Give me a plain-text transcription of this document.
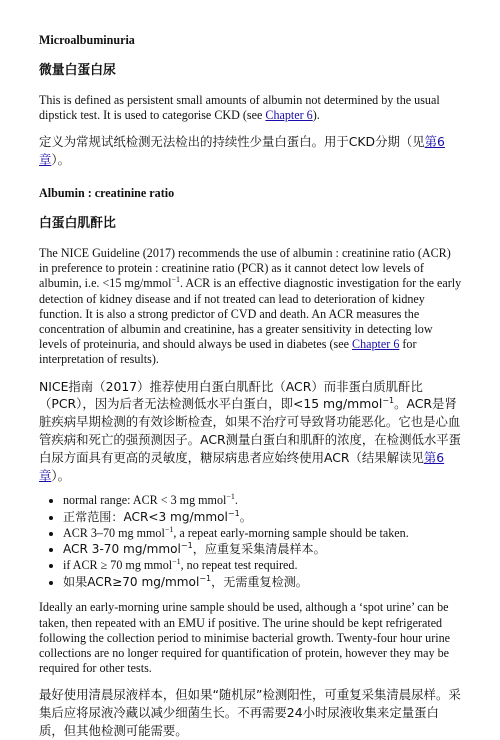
Microalbuminuria

微量白蛋白尿

This is defined as persistent small amounts of albumin not determined by the usual dipstick test. It is used to categorise CKD (see Chapter 6).

定义为常规试纸检测无法检出的持续性少量白蛋白。用于CKD分期（见第6章）。

Albumin : creatinine ratio

白蛋白肌酐比

The NICE Guideline (2017) recommends the use of albumin : creatinine ratio (ACR) in preference to protein : creatinine ratio (PCR) as it cannot detect low levels of albumin, i.e. <15 mg/mmol$^{-1}$. ACR is an effective diagnostic investigation for the early detection of kidney disease and if not treated can lead to deterioration of kidney function. It is also a strong predictor of CVD and death. An ACR measures the concentration of albumin and creatinine, has a greater sensitivity in detecting low levels of proteinuria, and should always be used in diabetes (see Chapter 6 for interpretation of results).

NICE指南（2017）推荐使用白蛋白肌酐比（ACR）而非蛋白质肌酐比（PCR），因为后者无法检测低水平白蛋白，即<15 mg/mmol$^{-1}$。ACR是肾脏疾病早期检测的有效诊断检查，如果不治疗可导致肾功能恶化。它也是心血管疾病和死亡的强预测因子。ACR测量白蛋白和肌酐的浓度，在检测低水平蛋白尿方面具有更高的灵敏度，糖尿病患者应始终使用ACR（结果解读见第6章）。

• normal range: ACR < 3 mg mmol$^{-1}$.
• 正常范围：ACR<3 mg/mmol$^{-1}$。
• ACR 3–70 mg mmol$^{-1}$, a repeat early-morning sample should be taken.
• ACR 3-70 mg/mmol$^{-1}$，应重复采集清晨样本。
• if ACR ≥ 70 mg mmol$^{-1}$, no repeat test required.
• 如果ACR≥70 mg/mmol$^{-1}$，无需重复检测。

Ideally an early-morning urine sample should be used, although a ‘spot urine’ can be taken, then repeated with an EMU if positive. The urine should be kept refrigerated following the collection period to minimise bacterial growth. Twenty-four hour urine collections are no longer required for quantification of protein, however they may be required for other tests.

最好使用清晨尿液样本，但如果“随机尿”检测阳性，可重复采集清晨尿样。采集后应将尿液冷藏以减少细菌生长。不再需要24小时尿液收集来定量蛋白质，但其他检测可能需要。
